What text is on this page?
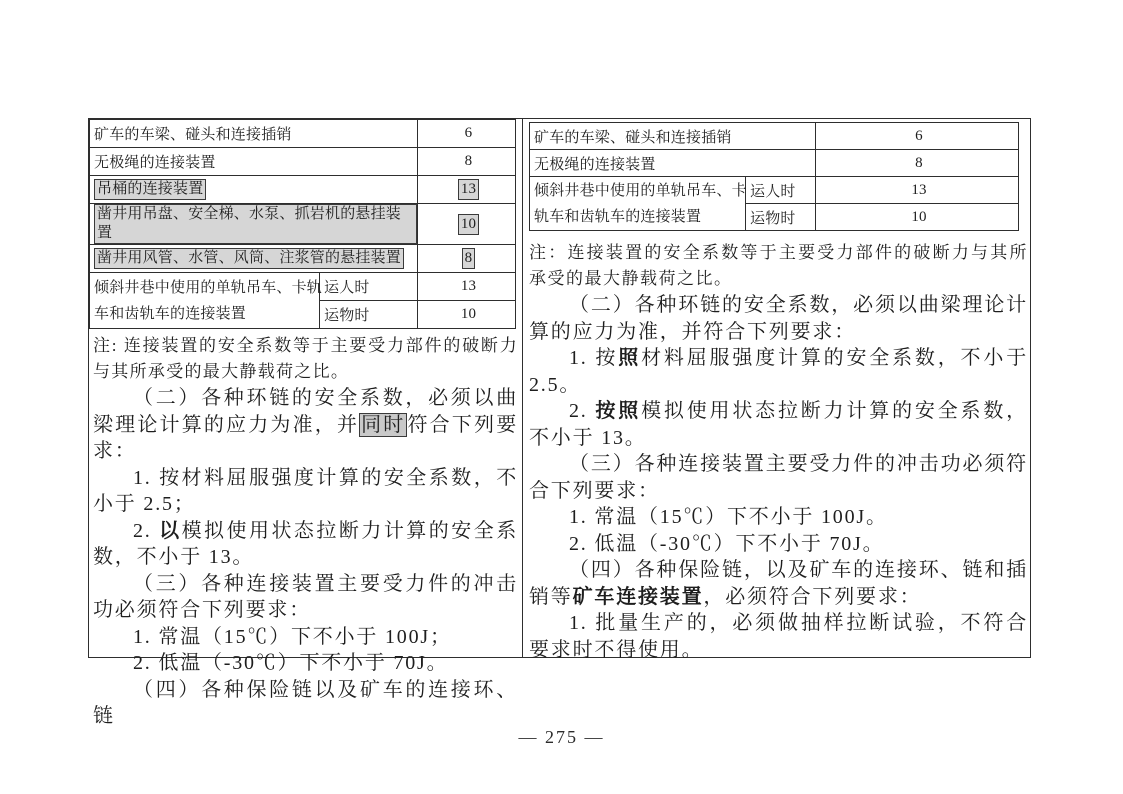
矿车的车梁、碰头和连接插销		6
无极绳的连接装置		8
吊桶的连接装置		13
凿井用吊盘、安全梯、水泵、抓岩机的悬挂装置		10
凿井用风管、水管、风筒、注浆管的悬挂装置		8

倾斜井巷中使用的单轨吊车、卡轨
车和齿轨车的连接装置	运人时	13
	运物时	10

注: 连接装置的安全系数等于主要受力部件的破断力与其所承受的最大静载荷之比。

（二）各种环链的安全系数，必须以曲梁理论计算的应力为准，并 同时 符合下列要求：

1. 按材料屈服强度计算的安全系数，不小于 2.5；

2. 以模拟使用状态拉断力计算的安全系数，不小于 13。

（三）各种连接装置主要受力件的冲击功必须符合下列要求：

1. 常温（15℃）下不小于 100J；

2. 低温（-30℃）下不小于 70J。

（四）各种保险链以及矿车的连接环、链

矿车的车梁、碰头和连接插销		6
无极绳的连接装置		8

倾斜井巷中使用的单轨吊车、卡
轨车和齿轨车的连接装置	运人时	13
	运物时	10

注：连接装置的安全系数等于主要受力部件的破断力与其所承受的最大静载荷之比。

（二）各种环链的安全系数，必须以曲梁理论计算的应力为准，并符合下列要求：

1. 按照材料屈服强度计算的安全系数，不小于 2.5。

2. 按照模拟使用状态拉断力计算的安全系数，不小于 13。

（三）各种连接装置主要受力件的冲击功必须符合下列要求：

1. 常温（15℃）下不小于 100J。

2. 低温（-30℃）下不小于 70J。

（四）各种保险链，以及矿车的连接环、链和插销等矿车连接装置，必须符合下列要求：

1. 批量生产的，必须做抽样拉断试验，不符合要求时不得使用。

— 275 —
